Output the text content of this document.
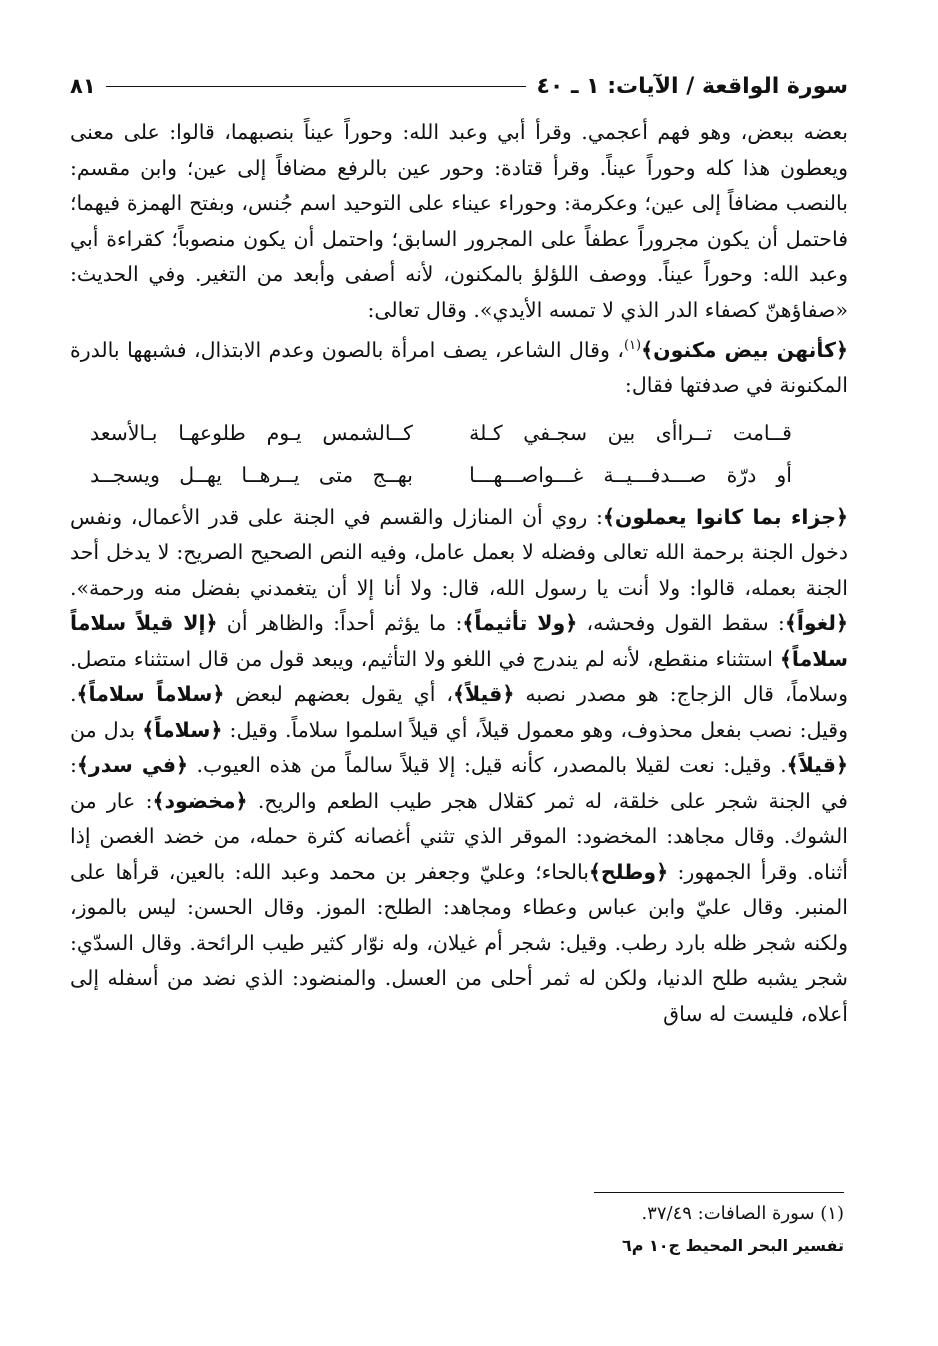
سورة الواقعة / الآيات: ١ ـ ٤٠
٨١

بعضه ببعض، وهو فهم أعجمي. وقرأ أبي وعبد الله: وحوراً عيناً بنصبهما، قالوا: على معنى ويعطون هذا كله وحوراً عيناً. وقرأ قتادة: وحور عين بالرفع مضافاً إلى عين؛ وابن مقسم: بالنصب مضافاً إلى عين؛ وعكرمة: وحوراء عيناء على التوحيد اسم جُنس، وبفتح الهمزة فيهما؛ فاحتمل أن يكون مجروراً عطفاً على المجرور السابق؛ واحتمل أن يكون منصوباً؛ كقراءة أبي وعبد الله: وحوراً عيناً. ووصف اللؤلؤ بالمكنون، لأنه أصفى وأبعد من التغير. وفي الحديث: «صفاؤهنّ كصفاء الدر الذي لا تمسه الأيدي». وقال تعالى:

﴿كأنهن بيض مكنون﴾$^{(١)}$، وقال الشاعر، يصف امرأة بالصون وعدم الابتذال، فشبهها بالدرة المكنونة في صدفتها فقال:

قــامت تــراأى بين سجـفي كـلة
كــالشمس يـوم طلوعهـا بـالأسعد
أو درّة صـــدفـــيــة غـــواصـــهـــا
بهــج متى يــرهــا يهــل ويسجــد

﴿جزاء بما كانوا يعملون﴾: روي أن المنازل والقسم في الجنة على قدر الأعمال، ونفس دخول الجنة برحمة الله تعالى وفضله لا بعمل عامل، وفيه النص الصحيح الصريح: لا يدخل أحد الجنة بعمله، قالوا: ولا أنت يا رسول الله، قال: ولا أنا إلا أن يتغمدني بفضل منه ورحمة». ﴿لغواً﴾: سقط القول وفحشه، ﴿ولا تأثيماً﴾: ما يؤثم أحداً: والظاهر أن ﴿إلا قيلاً سلاماً سلاماً﴾ استثناء منقطع، لأنه لم يندرج في اللغو ولا التأثيم، ويبعد قول من قال استثناء متصل. وسلاماً، قال الزجاج: هو مصدر نصبه ﴿قيلاً﴾، أي يقول بعضهم لبعض ﴿سلاماً سلاماً﴾. وقيل: نصب بفعل محذوف، وهو معمول قيلاً، أي قيلاً اسلموا سلاماً. وقيل: ﴿سلاماً﴾ بدل من ﴿قيلاً﴾. وقيل: نعت لقيلا بالمصدر، كأنه قيل: إلا قيلاً سالماً من هذه العيوب. ﴿في سدر﴾: في الجنة شجر على خلقة، له ثمر كقلال هجر طيب الطعم والريح. ﴿مخضود﴾: عار من الشوك. وقال مجاهد: المخضود: الموقر الذي تثني أغصانه كثرة حمله، من خضد الغصن إذا أثناه. وقرأ الجمهور: ﴿وطلح﴾بالحاء؛ وعليّ وجعفر بن محمد وعبد الله: بالعين، قرأها على المنبر. وقال عليّ وابن عباس وعطاء ومجاهد: الطلح: الموز. وقال الحسن: ليس بالموز، ولكنه شجر ظله بارد رطب. وقيل: شجر أم غيلان، وله نوّار كثير طيب الرائحة. وقال السدّي: شجر يشبه طلح الدنيا، ولكن له ثمر أحلى من العسل. والمنضود: الذي نضد من أسفله إلى أعلاه، فليست له ساق

(١) سورة الصافات: ٣٧/٤٩.
تفسير البحر المحيط ج١٠ م٦
